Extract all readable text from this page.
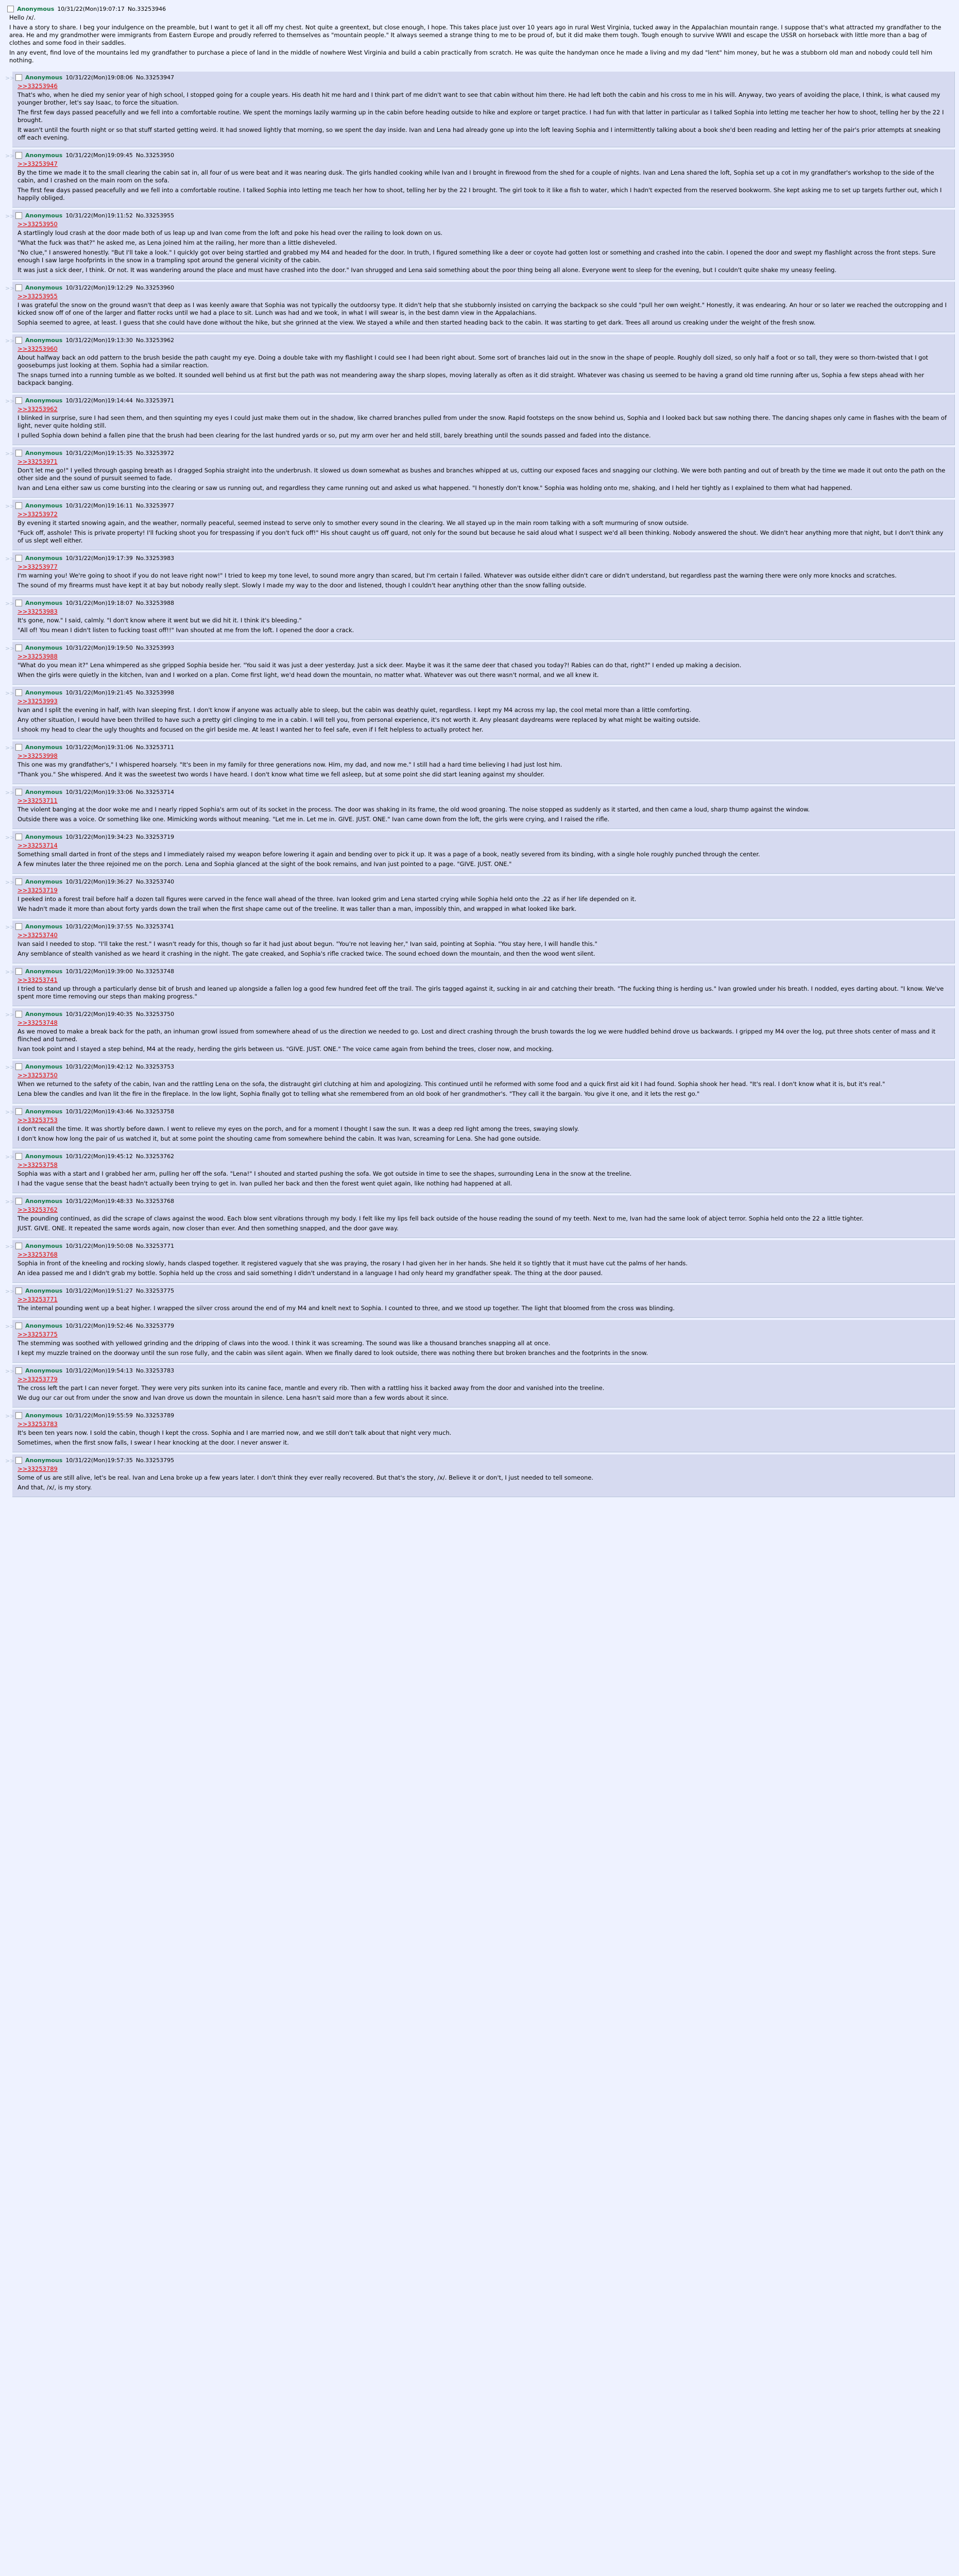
Anonymous 10/31/22(Mon)19:07:17 No.33253946

Hello /x/.

I have a story to share. I beg your indulgence on the preamble, but I want to get it all off my chest. Not quite a greentext, but close enough, I hope. This takes place just over 10 years ago in rural West Virginia, tucked away in the Appalachian mountain range. I suppose that's what attracted my grandfather to the area. He and my grandmother were immigrants from Eastern Europe and proudly referred to themselves as "mountain people." It always seemed a strange thing to me to be proud of, but it did make them tough. Tough enough to survive WWII and escape the USSR on horseback with little more than a bag of clothes and some food in their saddles.

In any event, find love of the mountains led my grandfather to purchase a piece of land in the middle of nowhere West Virginia and build a cabin practically from scratch. He was quite the handyman once he made a living and my dad "lent" him money, but he was a stubborn old man and nobody could tell him nothing.

>> Anonymous 10/31/22(Mon)19:08:06 No.33253947
>>33253946

That's who, when he died my senior year of high school, I stopped going for a couple years. His death hit me hard and I think part of me didn't want to see that cabin without him there. He had left both the cabin and his cross to me in his will. Anyway, two years of avoiding the place, I think, is what caused my younger brother, let's say Isaac, to force the situation.

The first few days passed peacefully and we fell into a comfortable routine. We spent the mornings lazily warming up in the cabin before heading outside to hike and explore or target practice. I had fun with that latter in particular as I talked Sophia into letting me teacher her how to shoot, telling her by the 22 I brought.

It wasn't until the fourth night or so that stuff started getting weird. It had snowed lightly that morning, so we spent the day inside. Ivan and Lena had already gone up into the loft leaving Sophia and I intermittently talking about a book she'd been reading and letting her of the pair's prior attempts at sneaking off each evening.

>> Anonymous 10/31/22(Mon)19:09:45 No.33253950
>>33253947

By the time we made it to the small clearing the cabin sat in, all four of us were beat and it was nearing dusk. The girls handled cooking while Ivan and I brought in firewood from the shed for a couple of nights. Ivan and Lena shared the loft, Sophia set up a cot in my grandfather's workshop to the side of the cabin, and I crashed on the main room on the sofa.

The first few days passed peacefully and we fell into a comfortable routine. I talked Sophia into letting me teach her how to shoot, telling her by the 22 I brought. The girl took to it like a fish to water, which I hadn't expected from the reserved bookworm. She kept asking me to set up targets further out, which I happily obliged.

>> Anonymous 10/31/22(Mon)19:11:52 No.33253955
>>33253950

A startlingly loud crash at the door made both of us leap up and Ivan come from the loft and poke his head over the railing to look down on us.

"What the fuck was that?" he asked me, as Lena joined him at the railing, her more than a little disheveled.

"No clue," I answered honestly. "But I'll take a look." I quickly got over being startled and grabbed my M4 and headed for the door. In truth, I figured something like a deer or coyote had gotten lost or something and crashed into the cabin. I opened the door and swept my flashlight across the front steps. Sure enough I saw large hoofprints in the snow in a trampling spot around the general vicinity of the cabin.

It was just a sick deer, I think. Or not. It was wandering around the place and must have crashed into the door." Ivan shrugged and Lena said something about the poor thing being all alone. Everyone went to sleep for the evening, but I couldn't quite shake my uneasy feeling.

>> Anonymous 10/31/22(Mon)19:12:29 No.33253960
>>33253955

I was grateful the snow on the ground wasn't that deep as I was keenly aware that Sophia was not typically the outdoorsy type. It didn't help that she stubbornly insisted on carrying the backpack so she could "pull her own weight." Honestly, it was endearing. An hour or so later we reached the outcropping and I kicked snow off of one of the larger and flatter rocks until we had a place to sit. Lunch was had and we took, in what I will swear is, in the best damn view in the Appalachians.

Sophia seemed to agree, at least. I guess that she could have done without the hike, but she grinned at the view. We stayed a while and then started heading back to the cabin. It was starting to get dark. Trees all around us creaking under the weight of the fresh snow.

>> Anonymous 10/31/22(Mon)19:13:30 No.33253962
>>33253960

About halfway back an odd pattern to the brush beside the path caught my eye. Doing a double take with my flashlight I could see I had been right about. Some sort of branches laid out in the snow in the shape of people. Roughly doll sized, so only half a foot or so tall, they were so thorn-twisted that I got goosebumps just looking at them. Sophia had a similar reaction.

The snaps turned into a running tumble as we bolted. It sounded well behind us at first but the path was not meandering away the sharp slopes, moving laterally as often as it did straight. Whatever was chasing us seemed to be having a grand old time running after us, Sophia a few steps ahead with her backpack banging.

>> Anonymous 10/31/22(Mon)19:14:44 No.33253971
>>33253962

I blinked in surprise, sure I had seen them, and then squinting my eyes I could just make them out in the shadow, like charred branches pulled from under the snow. Rapid footsteps on the snow behind us, Sophia and I looked back but saw nothing there. The dancing shapes only came in flashes with the beam of light, never quite holding still.

I pulled Sophia down behind a fallen pine that the brush had been clearing for the last hundred yards or so, put my arm over her and held still, barely breathing until the sounds passed and faded into the distance.

>> Anonymous 10/31/22(Mon)19:15:35 No.33253972
>>33253971

Don't let me go!" I yelled through gasping breath as I dragged Sophia straight into the underbrush. It slowed us down somewhat as bushes and branches whipped at us, cutting our exposed faces and snagging our clothing. We were both panting and out of breath by the time we made it out onto the path on the other side and the sound of pursuit seemed to fade.

Ivan and Lena either saw us come bursting into the clearing or saw us running out, and regardless they came running out and asked us what happened. "I honestly don't know." Sophia was holding onto me, shaking, and I held her tightly as I explained to them what had happened.

>> Anonymous 10/31/22(Mon)19:16:11 No.33253977
>>33253972

By evening it started snowing again, and the weather, normally peaceful, seemed instead to serve only to smother every sound in the clearing. We all stayed up in the main room talking with a soft murmuring of snow outside.

"Fuck off, asshole! This is private property! I'll fucking shoot you for trespassing if you don't fuck off!" His shout caught us off guard, not only for the sound but because he said aloud what I suspect we'd all been thinking. Nobody answered the shout. We didn't hear anything more that night, but I don't think any of us slept well either.

>> Anonymous 10/31/22(Mon)19:17:39 No.33253983
>>33253977

I'm warning you! We're going to shoot if you do not leave right now!" I tried to keep my tone level, to sound more angry than scared, but I'm certain I failed. Whatever was outside either didn't care or didn't understand, but regardless past the warning there were only more knocks and scratches.

The sound of my firearms must have kept it at bay but nobody really slept. Slowly I made my way to the door and listened, though I couldn't hear anything other than the snow falling outside.

>> Anonymous 10/31/22(Mon)19:18:07 No.33253988
>>33253983

It's gone, now." I said, calmly. "I don't know where it went but we did hit it. I think it's bleeding."

"All of! You mean I didn't listen to fucking toast off!!" Ivan shouted at me from the loft. I opened the door a crack.

>> Anonymous 10/31/22(Mon)19:19:50 No.33253993
>>33253988

"What do you mean it?" Lena whimpered as she gripped Sophia beside her. "You said it was just a deer yesterday. Just a sick deer. Maybe it was it the same deer that chased you today?! Rabies can do that, right?" I ended up making a decision.

When the girls were quietly in the kitchen, Ivan and I worked on a plan. Come first light, we'd head down the mountain, no matter what. Whatever was out there wasn't normal, and we all knew it.

>> Anonymous 10/31/22(Mon)19:21:45 No.33253998
>>33253993

Ivan and I split the evening in half, with Ivan sleeping first. I don't know if anyone was actually able to sleep, but the cabin was deathly quiet, regardless. I kept my M4 across my lap, the cool metal more than a little comforting.

Any other situation, I would have been thrilled to have such a pretty girl clinging to me in a cabin. I will tell you, from personal experience, it's not worth it. Any pleasant daydreams were replaced by what might be waiting outside.

I shook my head to clear the ugly thoughts and focused on the girl beside me. At least I wanted her to feel safe, even if I felt helpless to actually protect her.

>> Anonymous 10/31/22(Mon)19:31:06 No.33253711
>>33253998

This one was my grandfather's," I whispered hoarsely. "It's been in my family for three generations now. Him, my dad, and now me." I still had a hard time believing I had just lost him.

"Thank you." She whispered. And it was the sweetest two words I have heard. I don't know what time we fell asleep, but at some point she did start leaning against my shoulder.

>> Anonymous 10/31/22(Mon)19:33:06 No.33253714
>>33253711

The violent banging at the door woke me and I nearly ripped Sophia's arm out of its socket in the process. The door was shaking in its frame, the old wood groaning. The noise stopped as suddenly as it started, and then came a loud, sharp thump against the window.

Outside there was a voice. Or something like one. Mimicking words without meaning. "Let me in. Let me in. GIVE. JUST. ONE." Ivan came down from the loft, the girls were crying, and I raised the rifle.

>> Anonymous 10/31/22(Mon)19:34:23 No.33253719
>>33253714

Something small darted in front of the steps and I immediately raised my weapon before lowering it again and bending over to pick it up. It was a page of a book, neatly severed from its binding, with a single hole roughly punched through the center.

A few minutes later the three rejoined me on the porch. Lena and Sophia glanced at the sight of the book remains, and Ivan just pointed to a page. "GIVE. JUST. ONE."

>> Anonymous 10/31/22(Mon)19:36:27 No.33253740
>>33253719

I peeked into a forest trail before half a dozen tall figures were carved in the fence wall ahead of the three. Ivan looked grim and Lena started crying while Sophia held onto the .22 as if her life depended on it.

We hadn't made it more than about forty yards down the trail when the first shape came out of the treeline. It was taller than a man, impossibly thin, and wrapped in what looked like bark.

>> Anonymous 10/31/22(Mon)19:37:55 No.33253741
>>33253740

Ivan said I needed to stop. "I'll take the rest." I wasn't ready for this, though so far it had just about begun. "You're not leaving her," Ivan said, pointing at Sophia. "You stay here, I will handle this."

Any semblance of stealth vanished as we heard it crashing in the night. The gate creaked, and Sophia's rifle cracked twice. The sound echoed down the mountain, and then the wood went silent.

>> Anonymous 10/31/22(Mon)19:39:00 No.33253748
>>33253741

I tried to stand up through a particularly dense bit of brush and leaned up alongside a fallen log a good few hundred feet off the trail. The girls tagged against it, sucking in air and catching their breath. "The fucking thing is herding us." Ivan growled under his breath. I nodded, eyes darting about. "I know. We've spent more time removing our steps than making progress."

>> Anonymous 10/31/22(Mon)19:40:35 No.33253750
>>33253748

As we moved to make a break back for the path, an inhuman growl issued from somewhere ahead of us the direction we needed to go. Lost and direct crashing through the brush towards the log we were huddled behind drove us backwards. I gripped my M4 over the log, put three shots center of mass and it flinched and turned.

Ivan took point and I stayed a step behind, M4 at the ready, herding the girls between us. "GIVE. JUST. ONE." The voice came again from behind the trees, closer now, and mocking.

>> Anonymous 10/31/22(Mon)19:42:12 No.33253753
>>33253750

When we returned to the safety of the cabin, Ivan and the rattling Lena on the sofa, the distraught girl clutching at him and apologizing. This continued until he reformed with some food and a quick first aid kit I had found. Sophia shook her head. "It's real. I don't know what it is, but it's real."

Lena blew the candles and Ivan lit the fire in the fireplace. In the low light, Sophia finally got to telling what she remembered from an old book of her grandmother's. "They call it the bargain. You give it one, and it lets the rest go."

>> Anonymous 10/31/22(Mon)19:43:46 No.33253758
>>33253753

I don't recall the time. It was shortly before dawn. I went to relieve my eyes on the porch, and for a moment I thought I saw the sun. It was a deep red light among the trees, swaying slowly.

I don't know how long the pair of us watched it, but at some point the shouting came from somewhere behind the cabin. It was Ivan, screaming for Lena. She had gone outside.

>> Anonymous 10/31/22(Mon)19:45:12 No.33253762
>>33253758

Sophia was with a start and I grabbed her arm, pulling her off the sofa. "Lena!" I shouted and started pushing the sofa. We got outside in time to see the shapes, surrounding Lena in the snow at the treeline.

I had the vague sense that the beast hadn't actually been trying to get in. Ivan pulled her back and then the forest went quiet again, like nothing had happened at all.

>> Anonymous 10/31/22(Mon)19:48:33 No.33253768
>>33253762

The pounding continued, as did the scrape of claws against the wood. Each blow sent vibrations through my body. I felt like my lips fell back outside of the house reading the sound of my teeth. Next to me, Ivan had the same look of abject terror. Sophia held onto the 22 a little tighter.

JUST. GIVE. ONE. It repeated the same words again, now closer than ever. And then something snapped, and the door gave way.

>> Anonymous 10/31/22(Mon)19:50:08 No.33253771
>>33253768

Sophia in front of the kneeling and rocking slowly, hands clasped together. It registered vaguely that she was praying, the rosary I had given her in her hands. She held it so tightly that it must have cut the palms of her hands.

An idea passed me and I didn't grab my bottle. Sophia held up the cross and said something I didn't understand in a language I had only heard my grandfather speak. The thing at the door paused.

>> Anonymous 10/31/22(Mon)19:51:27 No.33253775
>>33253771

The internal pounding went up a beat higher. I wrapped the silver cross around the end of my M4 and knelt next to Sophia. I counted to three, and we stood up together. The light that bloomed from the cross was blinding.

>> Anonymous 10/31/22(Mon)19:52:46 No.33253779
>>33253775

The stemming was soothed with yellowed grinding and the dripping of claws into the wood. I think it was screaming. The sound was like a thousand branches snapping all at once.

I kept my muzzle trained on the doorway until the sun rose fully, and the cabin was silent again. When we finally dared to look outside, there was nothing there but broken branches and the footprints in the snow.

>> Anonymous 10/31/22(Mon)19:54:13 No.33253783
>>33253779

The cross left the part I can never forget. They were very pits sunken into its canine face, mantle and every rib. Then with a rattling hiss it backed away from the door and vanished into the treeline.

We dug our car out from under the snow and Ivan drove us down the mountain in silence. Lena hasn't said more than a few words about it since.

>> Anonymous 10/31/22(Mon)19:55:59 No.33253789
>>33253783

It's been ten years now. I sold the cabin, though I kept the cross. Sophia and I are married now, and we still don't talk about that night very much.

Sometimes, when the first snow falls, I swear I hear knocking at the door. I never answer it.

>> Anonymous 10/31/22(Mon)19:57:35 No.33253795
>>33253789

Some of us are still alive, let's be real. Ivan and Lena broke up a few years later. I don't think they ever really recovered. But that's the story, /x/. Believe it or don't, I just needed to tell someone.

And that, /x/, is my story.
